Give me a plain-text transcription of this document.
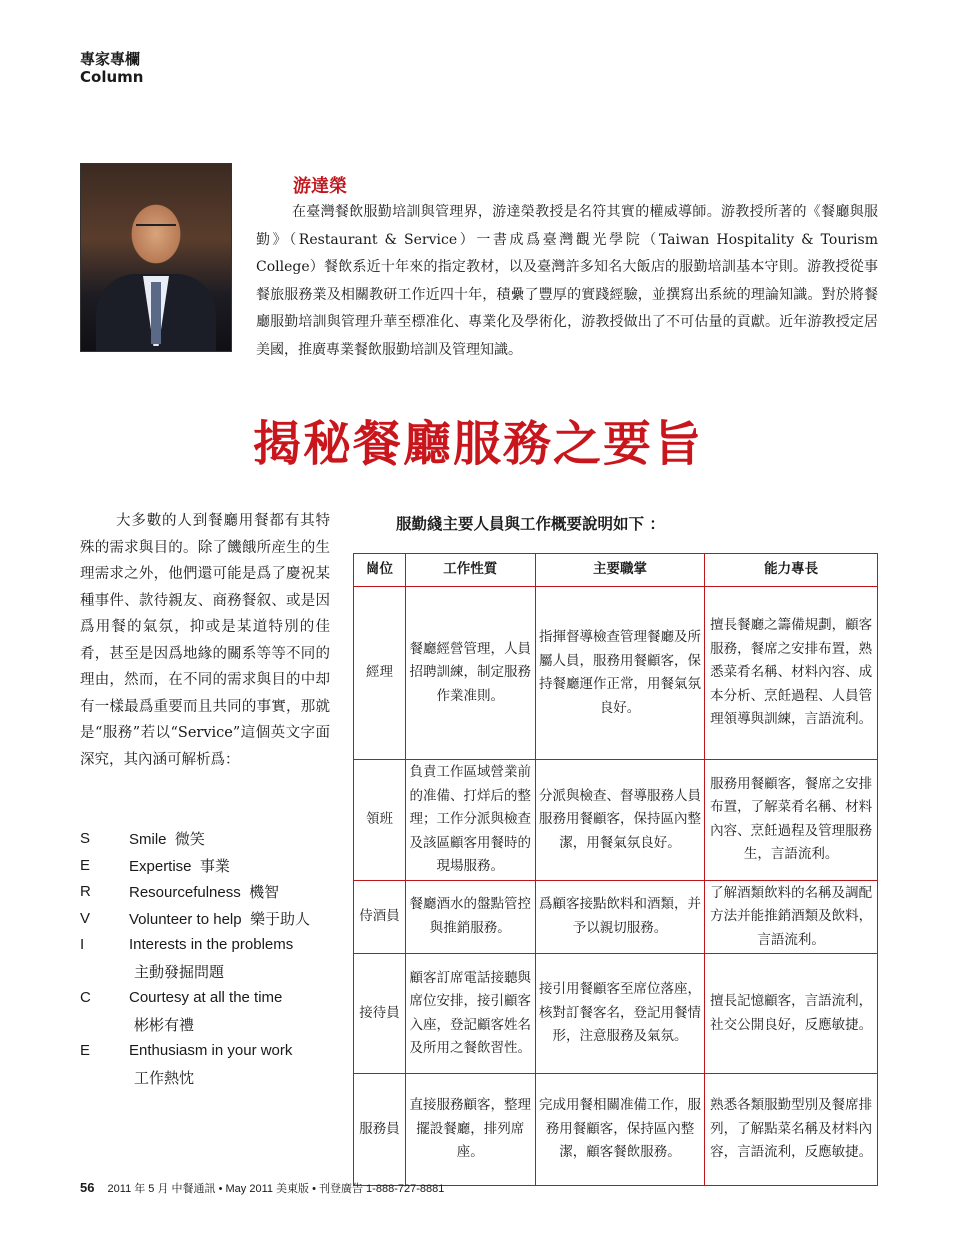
專家專欄
Column
游達榮
在臺灣餐飲服勤培訓與管理界，游達榮教授是名符其實的權威導師。游教授所著的《餐廳與服勤》（Restaurant & Service）一書成爲臺灣觀光學院（Taiwan Hospitality & Tourism College）餐飲系近十年來的指定教材，以及臺灣許多知名大飯店的服勤培訓基本守則。游教授從事餐旅服務業及相關教研工作近四十年，積纍了豐厚的實踐經驗，並撰寫出系統的理論知識。對於將餐廳服勤培訓與管理升華至標准化、專業化及學術化，游教授做出了不可估量的貢獻。近年游教授定居美國，推廣專業餐飲服勤培訓及管理知識。
揭秘餐廳服務之要旨
大多數的人到餐廳用餐都有其特殊的需求與目的。除了饑餓所産生的生理需求之外，他們還可能是爲了慶祝某種事件、款待親友、商務餐叙、或是因爲用餐的氣氛，抑或是某道特別的佳肴，甚至是因爲地緣的關系等等不同的理由，然而，在不同的需求與目的中却有一樣最爲重要而且共同的事實，那就是“服務”若以“Service”這個英文字面深究，其內涵可解析爲：
S	Smile 微笑
E	Expertise 事業
R	Resourcefulness 機智
V	Volunteer to help 樂于助人
I	Interests in the problems
主動發掘問題
C	Courtesy at all the time
彬彬有禮
E	Enthusiasm in your work
工作熱忱
服勤綫主要人員與工作概要說明如下 ：
崗位	工作性質	主要職掌	能力專長
經理	餐廳經營管理，人員招聘訓練，制定服務作業准則。	指揮督導檢查管理餐廳及所屬人員，服務用餐顧客，保持餐廳運作正常，用餐氣氛良好。	擅長餐廳之籌備規劃，顧客服務，餐席之安排布置，熟悉菜肴名稱、材料內容、成本分析、烹飪過程、人員管理領導與訓練，言語流利。
領班	負責工作區域營業前的准備、打烊后的整理；工作分派與檢查及該區顧客用餐時的現場服務。	分派與檢查、督導服務人員服務用餐顧客，保持區內整潔，用餐氣氛良好。	服務用餐顧客，餐席之安排布置，了解菜肴名稱、材料內容、烹飪過程及管理服務生，言語流利。
侍酒員	餐廳酒水的盤點管控與推銷服務。	爲顧客接點飲料和酒類，并予以親切服務。	了解酒類飲料的名稱及調配方法并能推銷酒類及飲料，言語流利。
接待員	顧客訂席電話接聽與席位安排，接引顧客入座，登記顧客姓名及所用之餐飲習性。	接引用餐顧客至席位落座，核對訂餐客名，登記用餐情形，注意服務及氣氛。	擅長記憶顧客，言語流利，社交公開良好，反應敏捷。
服務員	直接服務顧客，整理擺設餐廳，排列席座。	完成用餐相關准備工作，服務用餐顧客，保持區內整潔，顧客餐飲服務。	熟悉各類服勤型別及餐席排列，了解點菜名稱及材料內容，言語流利，反應敏捷。
56 2011 年 5 月 中餐通訊 • May 2011 美東版 • 刊登廣告 1-888-727-8881
